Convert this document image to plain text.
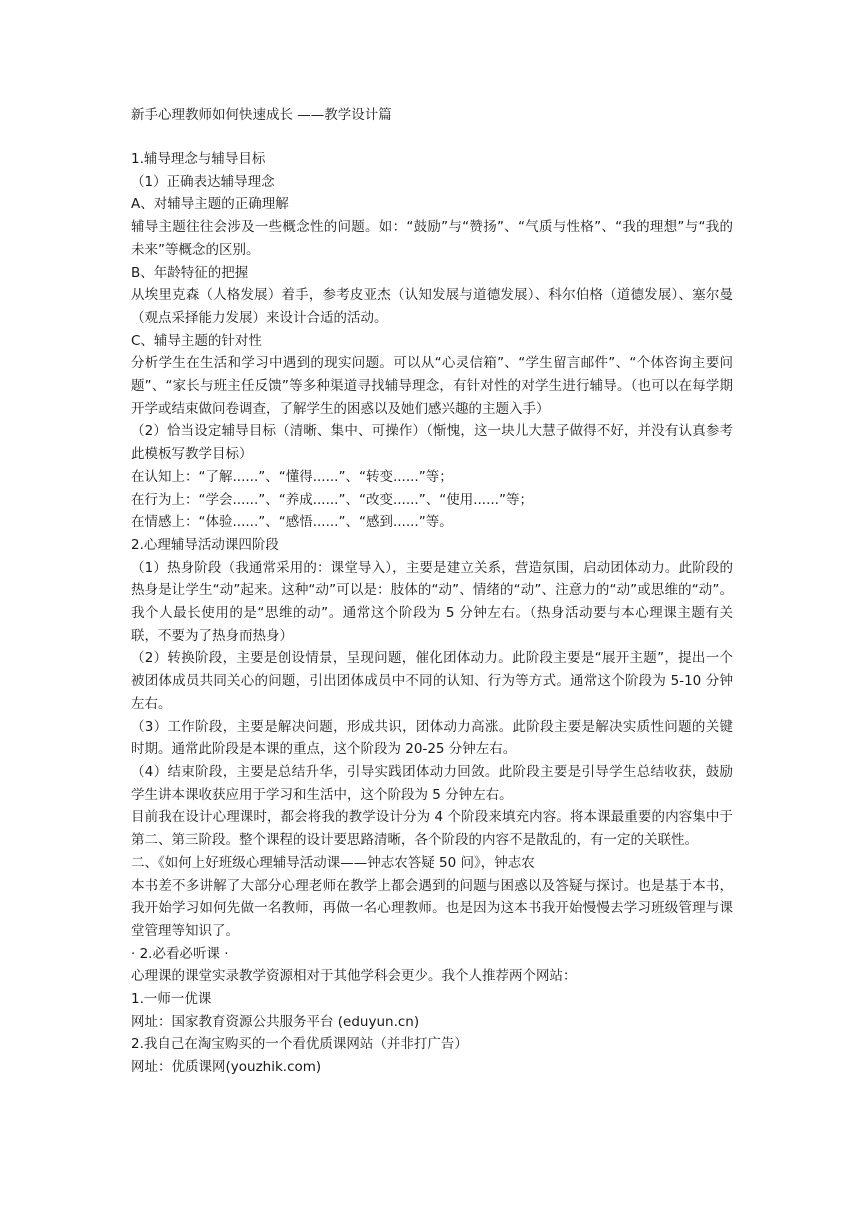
新手心理教师如何快速成长 ——教学设计篇

1.辅导理念与辅导目标

（1）正确表达辅导理念

A、对辅导主题的正确理解

辅导主题往往会涉及一些概念性的问题。如：“鼓励”与“赞扬”、“气质与性格”、“我的理想”与“我的未来”等概念的区别。

B、年龄特征的把握

从埃里克森（人格发展）着手，参考皮亚杰（认知发展与道德发展）、科尔伯格（道德发展）、塞尔曼（观点采择能力发展）来设计合适的活动。

C、辅导主题的针对性

分析学生在生活和学习中遇到的现实问题。可以从“心灵信箱”、“学生留言邮件”、“个体咨询主要问题”、“家长与班主任反馈”等多种渠道寻找辅导理念，有针对性的对学生进行辅导。（也可以在每学期开学或结束做问卷调查，了解学生的困惑以及她们感兴趣的主题入手）

（2）恰当设定辅导目标（清晰、集中、可操作）（惭愧，这一块儿大慧子做得不好，并没有认真参考此模板写教学目标）

在认知上：“了解......”、“懂得......”、“转变......”等；

在行为上：“学会......”、“养成......”、“改变......”、“使用......”等；

在情感上：“体验......”、“感悟......”、“感到......”等。

2.心理辅导活动课四阶段

（1）热身阶段（我通常采用的：课堂导入），主要是建立关系，营造氛围，启动团体动力。此阶段的热身是让学生“动”起来。这种“动”可以是：肢体的“动”、情绪的“动”、注意力的“动”或思维的“动”。我个人最长使用的是“思维的动”。通常这个阶段为 5 分钟左右。（热身活动要与本心理课主题有关联，不要为了热身而热身）

（2）转换阶段，主要是创设情景，呈现问题，催化团体动力。此阶段主要是“展开主题”，提出一个被团体成员共同关心的问题，引出团体成员中不同的认知、行为等方式。通常这个阶段为 5-10 分钟左右。

（3）工作阶段，主要是解决问题，形成共识，团体动力高涨。此阶段主要是解决实质性问题的关键时期。通常此阶段是本课的重点，这个阶段为 20-25 分钟左右。

（4）结束阶段，主要是总结升华，引导实践团体动力回敛。此阶段主要是引导学生总结收获，鼓励学生讲本课收获应用于学习和生活中，这个阶段为 5 分钟左右。

目前我在设计心理课时，都会将我的教学设计分为 4 个阶段来填充内容。将本课最重要的内容集中于第二、第三阶段。整个课程的设计要思路清晰，各个阶段的内容不是散乱的，有一定的关联性。

二、《如何上好班级心理辅导活动课——钟志农答疑 50 问》，钟志农

本书差不多讲解了大部分心理老师在教学上都会遇到的问题与困惑以及答疑与探讨。也是基于本书，我开始学习如何先做一名教师，再做一名心理教师。也是因为这本书我开始慢慢去学习班级管理与课堂管理等知识了。

· 2.必看必听课 ·

心理课的课堂实录教学资源相对于其他学科会更少。我个人推荐两个网站：

1.一师一优课

网址：国家教育资源公共服务平台 (eduyun.cn)

2.我自己在淘宝购买的一个看优质课网站（并非打广告）

网址：优质课网(youzhik.com)
